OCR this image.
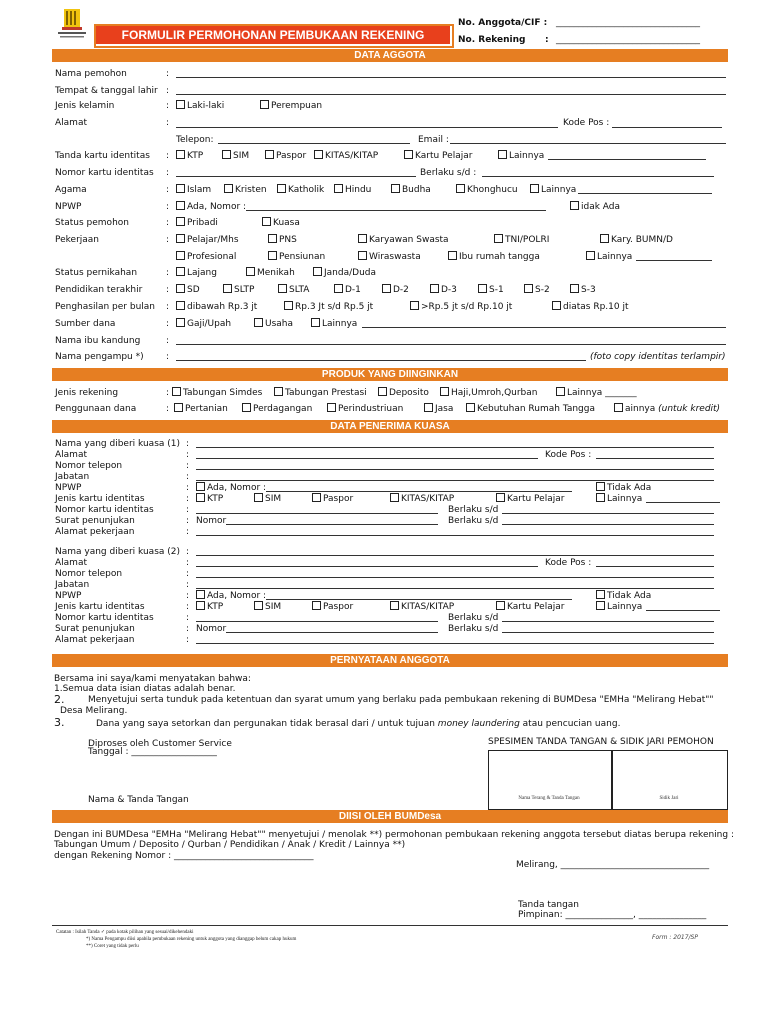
FORMULIR PERMOHONAN PEMBUKAAN REKENING
No. Anggota/CIF : ________________________________
No. Rekening : ________________________________
DATA AGGOTA
Nama pemohon	:
Tempat & tanggal lahir :
Jenis kelamin	:	Laki-laki	Perempuan
Alamat	:	Kode Pos :
Telepon:	Email :
Tanda kartu identitas :	KTP	SIM	Paspor	KITAS/KITAP	Kartu Pelajar	Lainnya
Nomor kartu identitas :	Berlaku s/d :
Agama	:	Islam	Kristen	Katholik	Hindu	Budha	Khonghucu	Lainnya
NPWP	:	Ada, Nomor :	idak Ada
Status pemohon	:	Pribadi	Kuasa
Pekerjaan	:	Pelajar/Mhs	PNS	Karyawan Swasta	TNI/POLRI	Kary. BUMN/D
Profesional	Pensiunan	Wiraswasta	Ibu rumah tangga	Lainnya
Status pernikahan	:	Lajang	Menikah	Janda/Duda
Pendidikan terakhir	:	SD	SLTP	SLTA	D-1	D-2	D-3	S-1	S-2	S-3
Penghasilan per bulan :	dibawah Rp.3 jt	Rp.3 Jt s/d Rp.5 jt	>Rp.5 jt s/d Rp.10 jt	diatas Rp.10 jt
Sumber dana	:	Gaji/Upah	Usaha	Lainnya
Nama ibu kandung	:
Nama pengampu *) :	(foto copy identitas terlampir)
PRODUK YANG DIINGINKAN
Jenis rekening	:	Tabungan Simdes	Tabungan Prestasi	Deposito	Haji,Umroh,Qurban	Lainnya _______
Penggunaan dana	:	Pertanian	Perdagangan	Perindustriuan	Jasa	Kebutuhan Rumah Tangga	ainnya (untuk kredit)
DATA PENERIMA KUASA
Nama yang diberi kuasa (1) :
Alamat	:	Kode Pos :
Nomor telepon	:
Jabatan	:
NPWP	:	Ada, Nomor :	Tidak Ada
Jenis kartu identitas	:	KTP	SIM	Paspor	KITAS/KITAP	Kartu Pelajar	Lainnya
Nomor kartu identitas	:	Berlaku s/d
Surat penunjukan	: Nomor	Berlaku s/d
Alamat pekerjaan	:
Nama yang diberi kuasa (2) :
Alamat	:	Kode Pos :
Nomor telepon	:
Jabatan	:
NPWP	:	Ada, Nomor :	Tidak Ada
Jenis kartu identitas	:	KTP	SIM	Paspor	KITAS/KITAP	Kartu Pelajar	Lainnya
Nomor kartu identitas	:	Berlaku s/d
Surat penunjukan	: Nomor	Berlaku s/d
Alamat pekerjaan	:
PERNYATAAN ANGGOTA
Bersama ini saya/kami menyatakan bahwa:
1.Semua data isian diatas adalah benar.
2.	Menyetujui serta tunduk pada ketentuan dan syarat umum yang berlaku pada pembukaan rekening di BUMDesa "EMHa "Melirang Hebat""
Desa Melirang.
3.	Dana yang saya setorkan dan pergunakan tidak berasal dari / untuk tujuan money laundering atau pencucian uang.
Diproses oleh Customer Service
Tanggal : ___________________
Nama & Tanda Tangan
SPESIMEN TANDA TANGAN & SIDIK JARI PEMOHON
Nama Terang & Tanda Tangan	Sidik Jari
DIISI OLEH BUMDesa
Dengan ini BUMDesa "EMHa "Melirang Hebat"" menyetujui / menolak **) permohonan pembukaan rekening anggota tersebut diatas berupa rekening :
Tabungan Umum / Deposito / Qurban / Pendidikan / Anak / Kredit / Lainnya **)
dengan Rekening Nomor : _______________________________
Melirang, _________________________________
Tanda tangan
Pimpinan: _______________, _______________
Catatan : Isilah Tanda ✓ pada kotak pilihan yang sesuai/dikehendaki
*) Nama Pengampu diisi apabila pembukaan rekening untuk anggota yang dianggap belum cakap hukum
**) Coret yang tidak perlu
Form : 2017/SP
